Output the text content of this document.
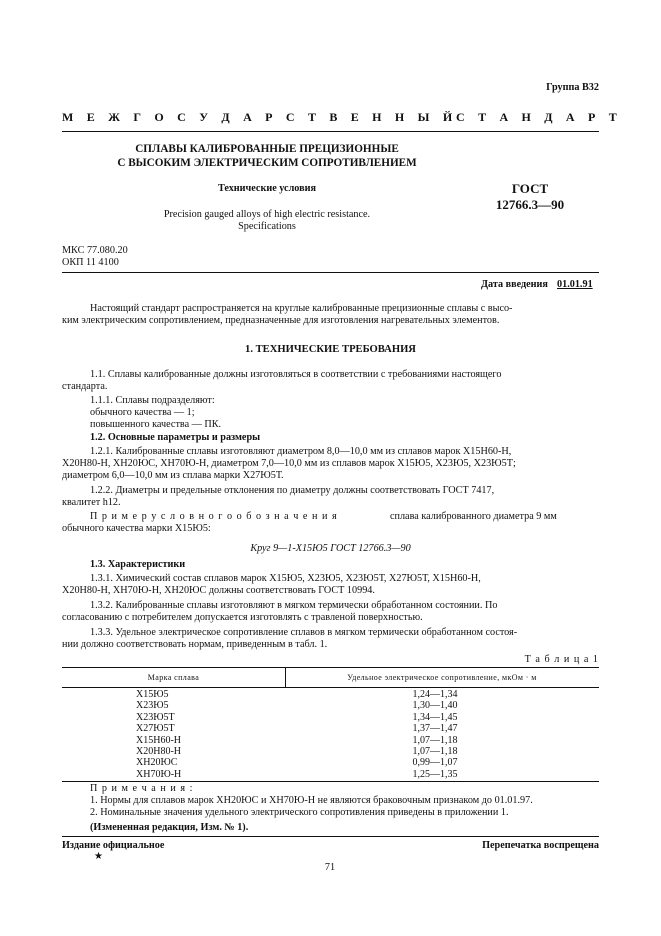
Группа В32
М Е Ж Г О С У Д А Р С Т В Е Н Н Ы Й
С Т А Н Д А Р Т
СПЛАВЫ КАЛИБРОВАННЫЕ ПРЕЦИЗИОННЫЕ
С ВЫСОКИМ ЭЛЕКТРИЧЕСКИМ СОПРОТИВЛЕНИЕМ
Технические условия
Precision gauged alloys of high electric resistance.
Specifications
ГОСТ
12766.3—90
МКС 77.080.20
ОКП 11 4100
Дата введения 01.01.91
Настоящий стандарт распространяется на круглые калиброванные прецизионные сплавы с высо-
ким электрическим сопротивлением, предназначенные для изготовления нагревательных элементов.
1. ТЕХНИЧЕСКИЕ ТРЕБОВАНИЯ
1.1. Сплавы калиброванные должны изготовляться в соответствии с требованиями настоящего
стандарта.
1.1.1. Сплавы подразделяют:
обычного качества — 1;
повышенного качества — ПК.
1.2. Основные параметры и размеры
1.2.1. Калиброванные сплавы изготовляют диаметром 8,0—10,0 мм из сплавов марок Х15Н60-Н,
Х20Н80-Н, ХН20ЮС, ХН70Ю-Н, диаметром 7,0—10,0 мм из сплавов марок Х15Ю5, Х23Ю5, Х23Ю5Т;
диаметром 6,0—10,0 мм из сплава марки Х27Ю5Т.
1.2.2. Диаметры и предельные отклонения по диаметру должны соответствовать ГОСТ 7417,
квалитет h12.
П р и м е р у с л о в н о г о о б о з н а ч е н и я	сплава калиброванного диаметра 9 мм
обычного качества марки Х15Ю5:
Круг 9—1-Х15Ю5 ГОСТ 12766.3—90
1.3. Характеристики
1.3.1. Химический состав сплавов марок Х15Ю5, Х23Ю5, Х23Ю5Т, Х27Ю5Т, Х15Н60-Н,
Х20Н80-Н, ХН70Ю-Н, ХН20ЮС должны соответствовать ГОСТ 10994.
1.3.2. Калиброванные сплавы изготовляют в мягком термически обработанном состоянии. По
согласованию с потребителем допускается изготовлять с травленой поверхностью.
1.3.3. Удельное электрическое сопротивление сплавов в мягком термически обработанном состоя-
нии должно соответствовать нормам, приведенным в табл. 1.
Т а б л и ц а 1
Марка сплава	Удельное электрическое сопротивление, мкОм · м
Х15Ю5	1,24—1,34
Х23Ю5	1,30—1,40
Х23Ю5Т	1,34—1,45
Х27Ю5Т	1,37—1,47
Х15Н60-Н	1,07—1,18
Х20Н80-Н	1,07—1,18
ХН20ЮС	0,99—1,07
ХН70Ю-Н	1,25—1,35
П р и м е ч а н и я :
1. Нормы для сплавов марок ХН20ЮС и ХН70Ю-Н не являются браковочным признаком до 01.01.97.
2. Номинальные значения удельного электрического сопротивления приведены в приложении 1.
(Измененная редакция, Изм. № 1).
Издание официальное	Перепечатка воспрещена
★
71
